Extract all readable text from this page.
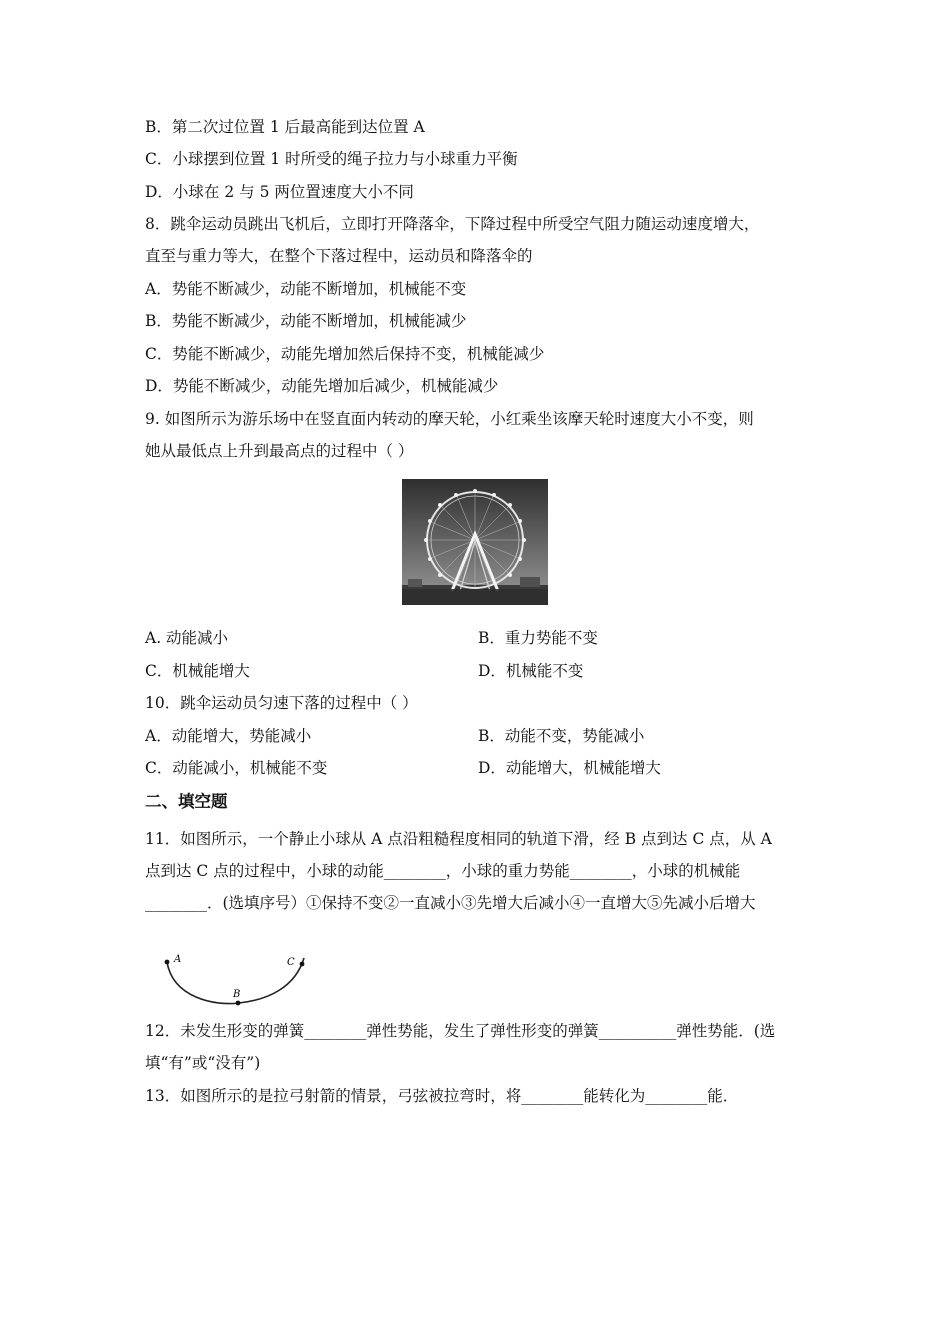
B．第二次过位置 1 后最高能到达位置 A
C．小球摆到位置 1 时所受的绳子拉力与小球重力平衡
D．小球在 2 与 5 两位置速度大小不同
8．跳伞运动员跳出飞机后，立即打开降落伞，下降过程中所受空气阻力随运动速度增大，
直至与重力等大，在整个下落过程中，运动员和降落伞的
A．势能不断减少，动能不断增加，机械能不变
B．势能不断减少，动能不断增加，机械能减少
C．势能不断减少，动能先增加然后保持不变，机械能减少
D．势能不断减少，动能先增加后减少，机械能减少
9. 如图所示为游乐场中在竖直面内转动的摩天轮，小红乘坐该摩天轮时速度大小不变，则
她从最低点上升到最高点的过程中（ ）
A. 动能减小	B．重力势能不变
C．机械能增大	D．机械能不变
10．跳伞运动员匀速下落的过程中（ ）
A．动能增大，势能减小	B．动能不变，势能减小
C．动能减小，机械能不变	D．动能增大，机械能增大
二、填空题
11．如图所示，一个静止小球从 A 点沿粗糙程度相同的轨道下滑，经 B 点到达 C 点，从 A
点到达 C 点的过程中，小球的动能________，小球的重力势能________，小球的机械能
________．(选填序号）①保持不变②一直减小③先增大后减小④一直增大⑤先减小后增大
A
B
C
12．未发生形变的弹簧________弹性势能，发生了弹性形变的弹簧__________弹性势能．(选
填“有”或“没有”)
13．如图所示的是拉弓射箭的情景，弓弦被拉弯时，将________能转化为________能．
